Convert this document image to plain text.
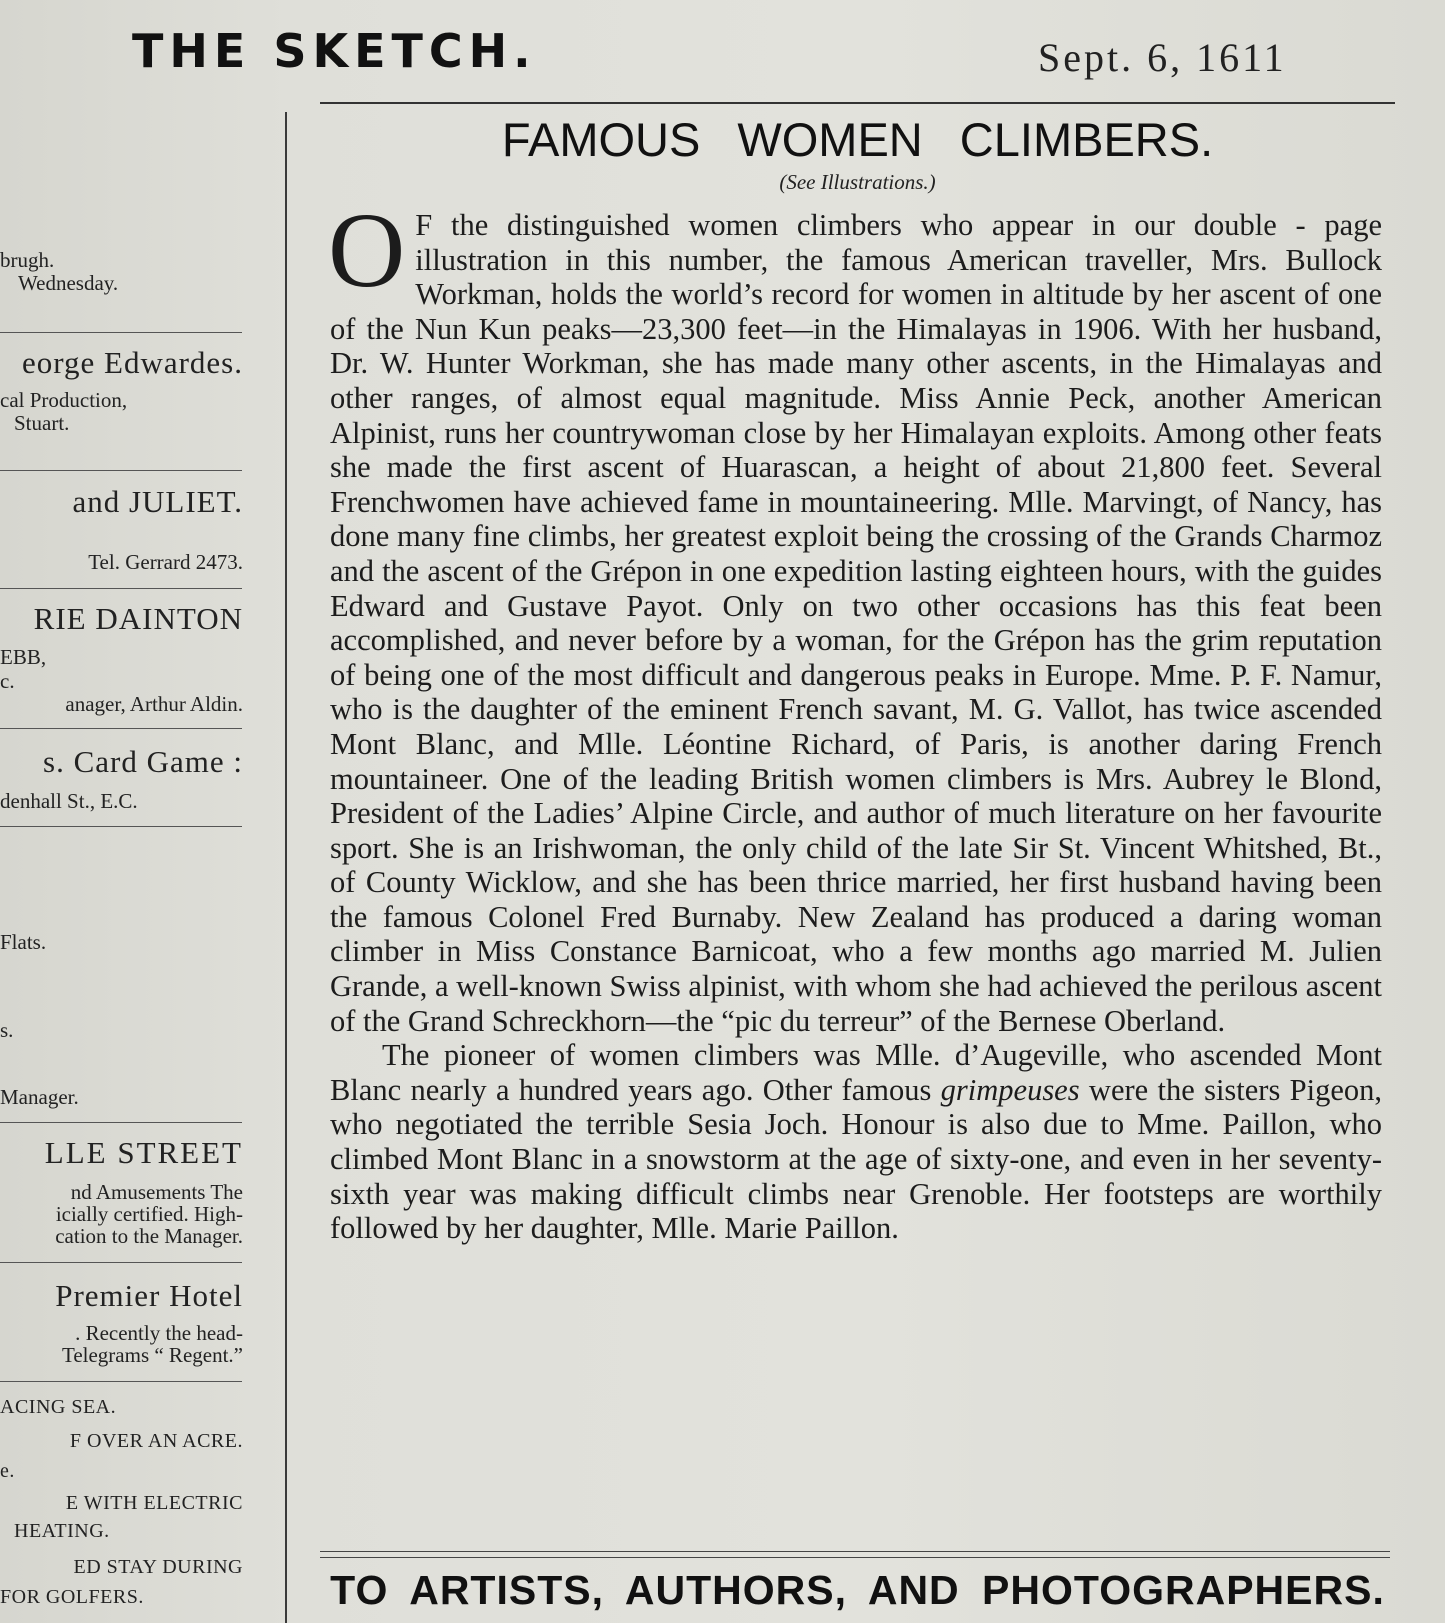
THE SKETCH.	Sept. 6, 1611
brugh.
Wednesday.
eorge Edwardes.
cal Production,
Stuart.
and JULIET.
Tel. Gerrard 2473.
RIE DAINTON
EBB,
c.
anager, Arthur Aldin.
s. Card Game :
denhall St., E.C.
Flats.
s.
Manager.
LLE STREET
nd Amusements The
icially certified. High-
cation to the Manager.
Premier Hotel
. Recently the head-
Telegrams “ Regent.”
ACING SEA.
F OVER AN ACRE.
e.
E WITH ELECTRIC
HEATING.
ED STAY DURING
FOR GOLFERS.
FAMOUS WOMEN CLIMBERS.
(See Illustrations.)

O F the distinguished women climbers who appear in our double - page illustration in this number, the famous American traveller, Mrs. Bullock Workman, holds the world’s record for women in altitude by her ascent of one of the Nun Kun peaks—23,300 feet—in the Himalayas in 1906. With her husband, Dr. W. Hunter Workman, she has made many other ascents, in the Himalayas and other ranges, of almost equal magnitude. Miss Annie Peck, another American Alpinist, runs her countrywoman close by her Himalayan exploits. Among other feats she made the first ascent of Huarascan, a height of about 21,800 feet. Several Frenchwomen have achieved fame in mountaineering. Mlle. Marvingt, of Nancy, has done many fine climbs, her greatest exploit being the crossing of the Grands Charmoz and the ascent of the Grépon in one expedition lasting eighteen hours, with the guides Edward and Gustave Payot. Only on two other occasions has this feat been accomplished, and never before by a woman, for the Grépon has the grim reputation of being one of the most difficult and dangerous peaks in Europe. Mme. P. F. Namur, who is the daughter of the eminent French savant, M. G. Vallot, has twice ascended Mont Blanc, and Mlle. Léontine Richard, of Paris, is another daring French mountaineer. One of the leading British women climbers is Mrs. Aubrey le Blond, President of the Ladies’ Alpine Circle, and author of much literature on her favourite sport. She is an Irishwoman, the only child of the late Sir St. Vincent Whitshed, Bt., of County Wicklow, and she has been thrice married, her first husband having been the famous Colonel Fred Burnaby. New Zealand has produced a daring woman climber in Miss Constance Barnicoat, who a few months ago married M. Julien Grande, a well-known Swiss alpinist, with whom she had achieved the perilous ascent of the Grand Schreckhorn—the “pic du terreur” of the Bernese Oberland.

The pioneer of women climbers was Mlle. d’Augeville, who ascended Mont Blanc nearly a hundred years ago. Other famous grimpeuses were the sisters Pigeon, who negotiated the terrible Sesia Joch. Honour is also due to Mme. Paillon, who climbed Mont Blanc in a snowstorm at the age of sixty-one, and even in her seventy-sixth year was making difficult climbs near Grenoble. Her footsteps are worthily followed by her daughter, Mlle. Marie Paillon.

TO ARTISTS, AUTHORS, AND PHOTOGRAPHERS.
